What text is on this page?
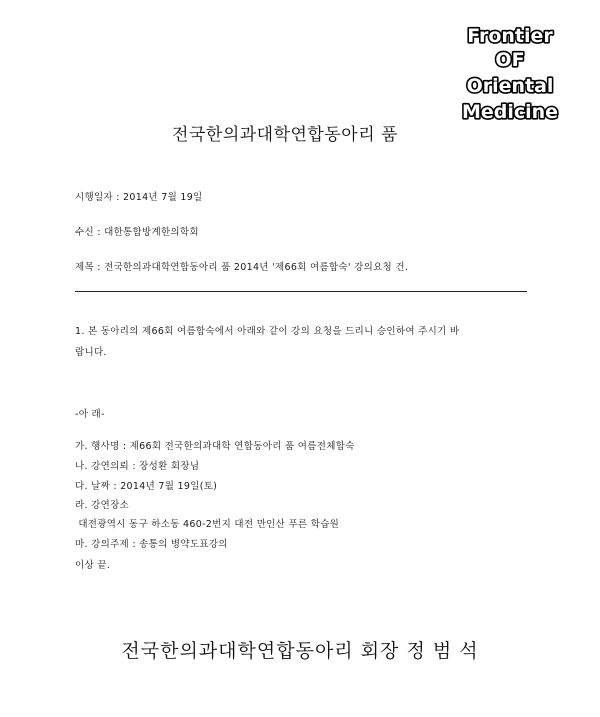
Frontier
OF
Oriental
Medicine
전국한의과대학연합동아리 품
시행일자 : 2014년 7월 19일
수신 : 대한통합방계한의학회
제목 : 전국한의과대학연합동아리 품 2014년 '제66회 여름합숙' 강의요청 건.
1. 본 동아리의 제66회 여름합숙에서 아래와 같이 강의 요청을 드리니 승인하여 주시기 바
랍니다.
-아 래-
가. 행사명 : 제66회 전국한의과대학 연합동아리 품 여름전체합숙
나. 강연의뢰 : 장성환 회장님
다. 날짜 : 2014년 7월 19일(토)
라. 강연장소
대전광역시 동구 하소동 460-2번지 대전 만인산 푸른 학습원
마. 강의주제 : 송통의 병약도표강의
이상 끝.
전국한의과대학연합동아리 회장 정 범 석
